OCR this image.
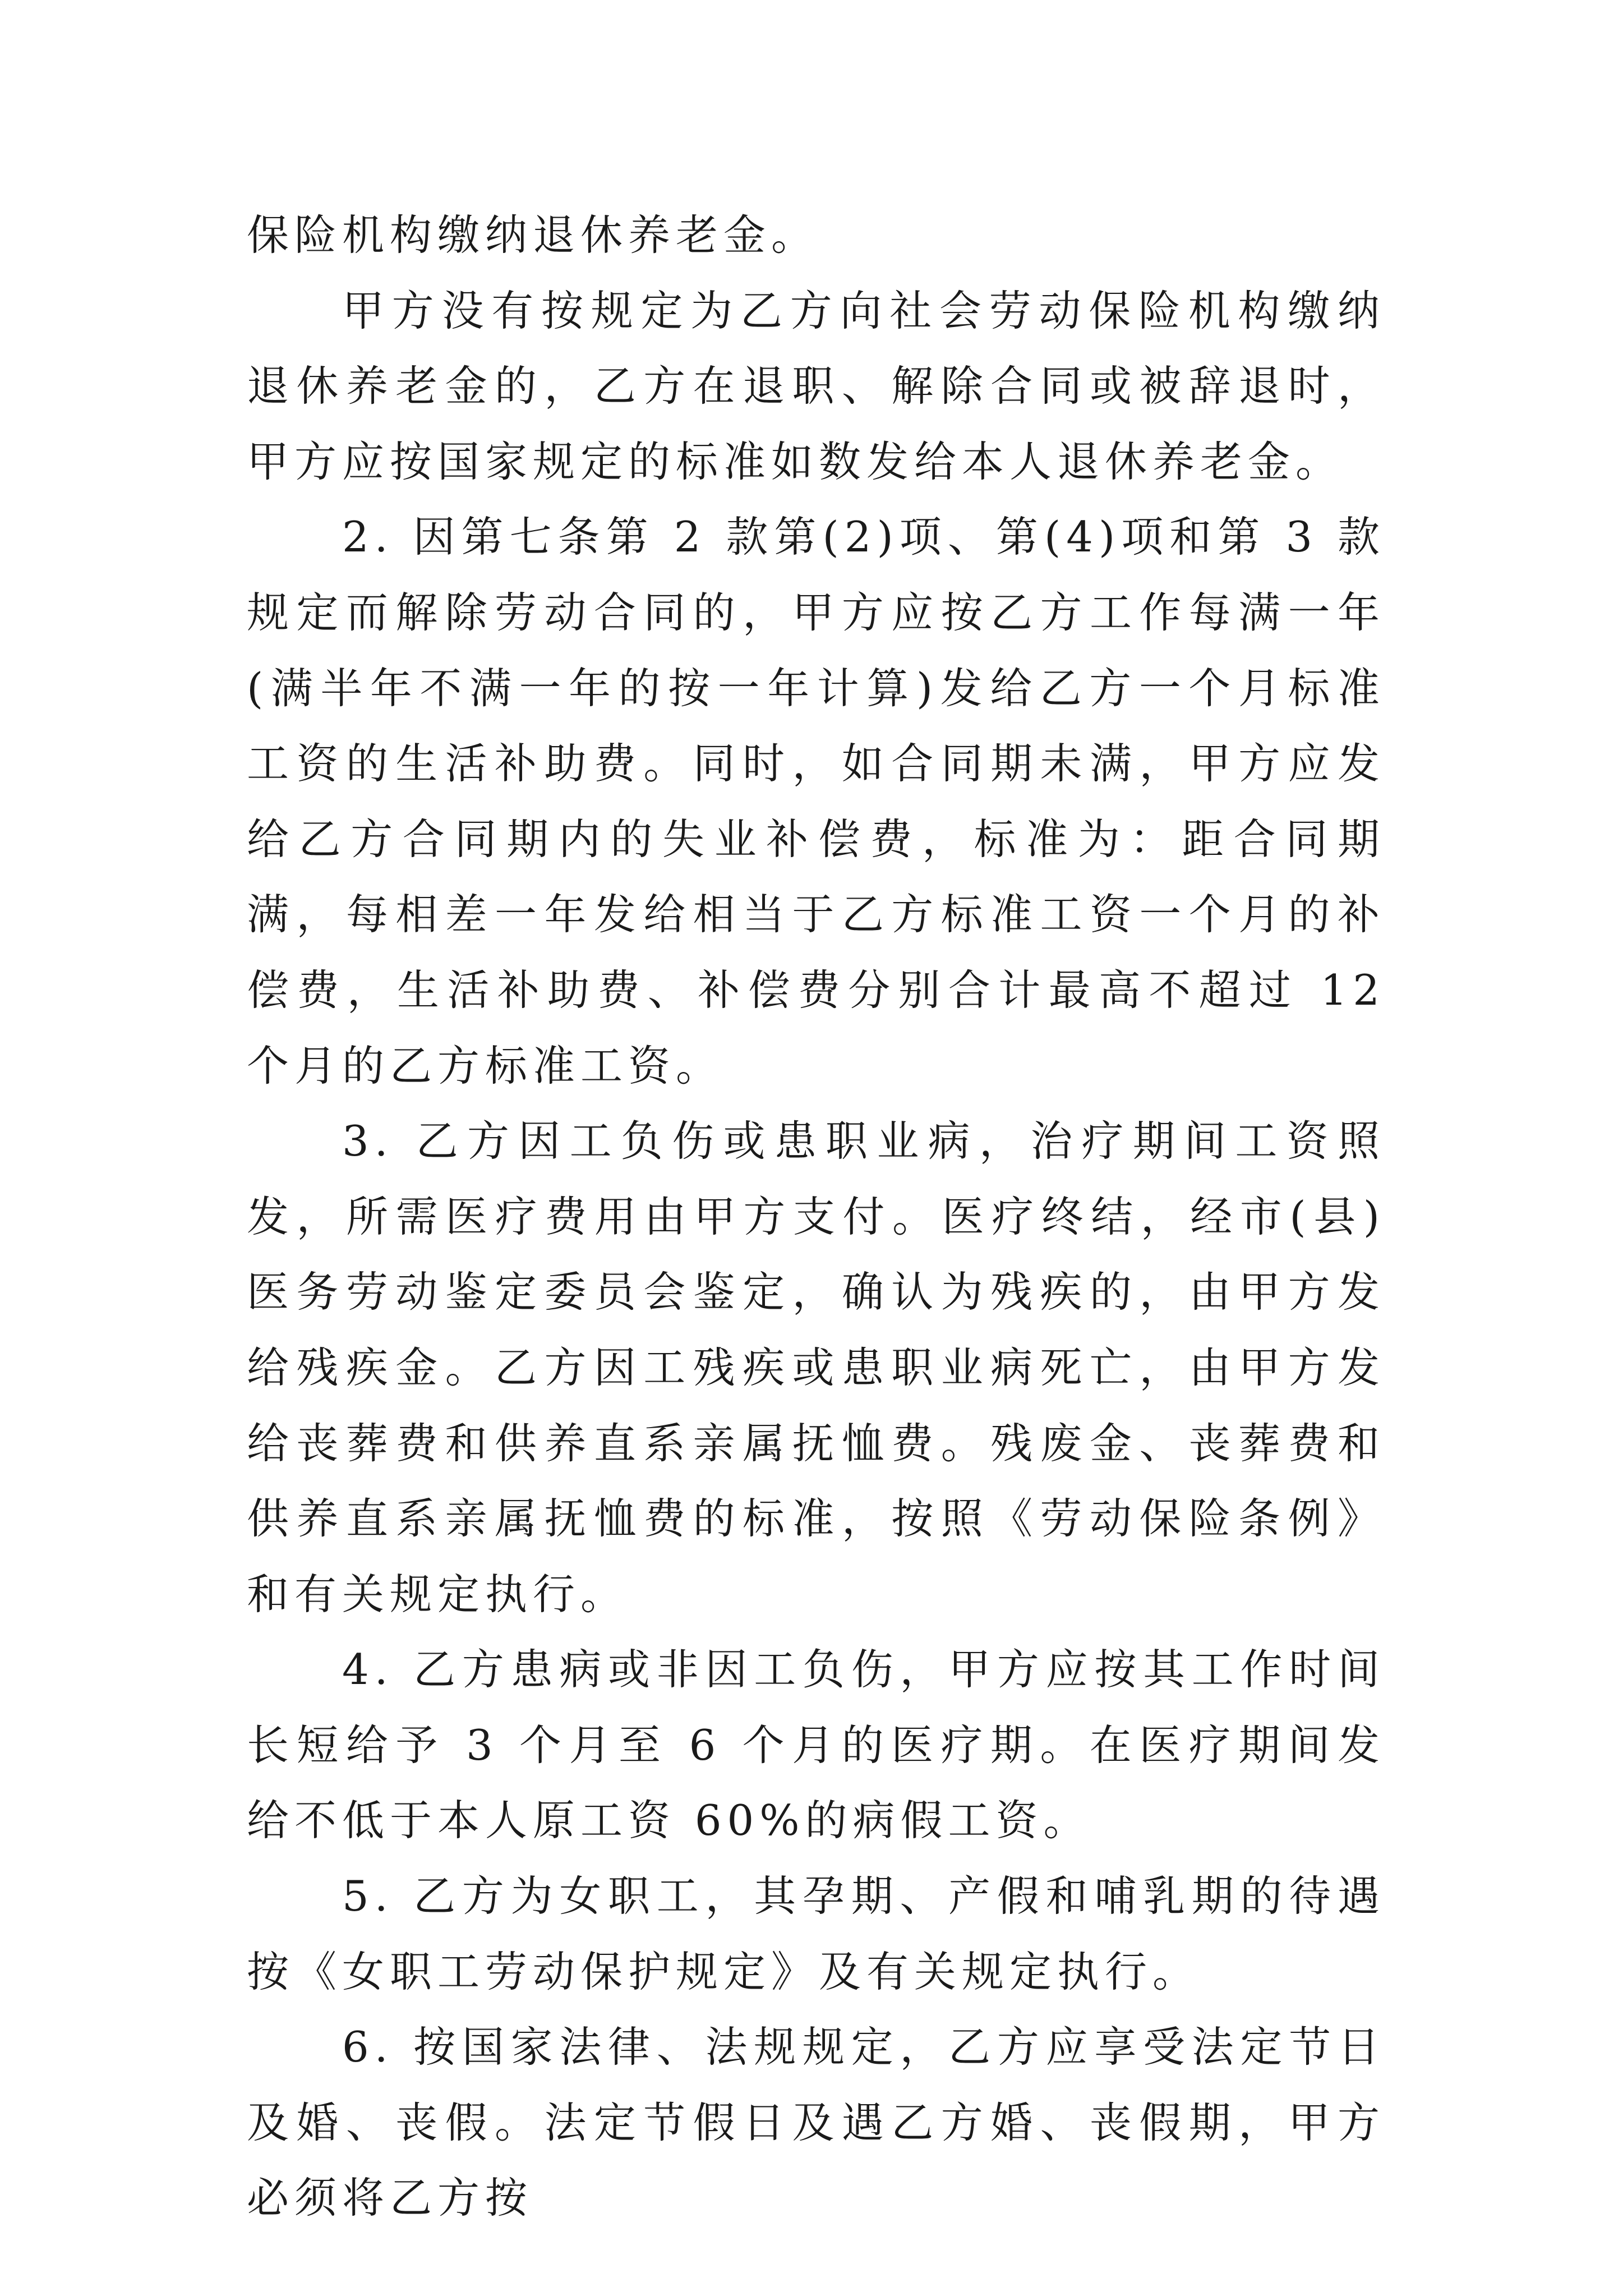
保险机构缴纳退休养老金。

甲方没有按规定为乙方向社会劳动保险机构缴纳退休养老金的，乙方在退职、解除合同或被辞退时，甲方应按国家规定的标准如数发给本人退休养老金。

2. 因第七条第 2 款第(2)项、第(4)项和第 3 款规定而解除劳动合同的，甲方应按乙方工作每满一年(满半年不满一年的按一年计算)发给乙方一个月标准工资的生活补助费。同时，如合同期未满，甲方应发给乙方合同期内的失业补偿费，标准为：距合同期满，每相差一年发给相当于乙方标准工资一个月的补偿费，生活补助费、补偿费分别合计最高不超过 12 个月的乙方标准工资。

3. 乙方因工负伤或患职业病，治疗期间工资照发，所需医疗费用由甲方支付。医疗终结，经市(县)医务劳动鉴定委员会鉴定，确认为残疾的，由甲方发给残疾金。乙方因工残疾或患职业病死亡，由甲方发给丧葬费和供养直系亲属抚恤费。残废金、丧葬费和供养直系亲属抚恤费的标准，按照《劳动保险条例》和有关规定执行。

4. 乙方患病或非因工负伤，甲方应按其工作时间长短给予 3 个月至 6 个月的医疗期。在医疗期间发给不低于本人原工资 60%的病假工资。

5. 乙方为女职工，其孕期、产假和哺乳期的待遇按《女职工劳动保护规定》及有关规定执行。

6. 按国家法律、法规规定，乙方应享受法定节日及婚、丧假。法定节假日及遇乙方婚、丧假期，甲方必须将乙方按
